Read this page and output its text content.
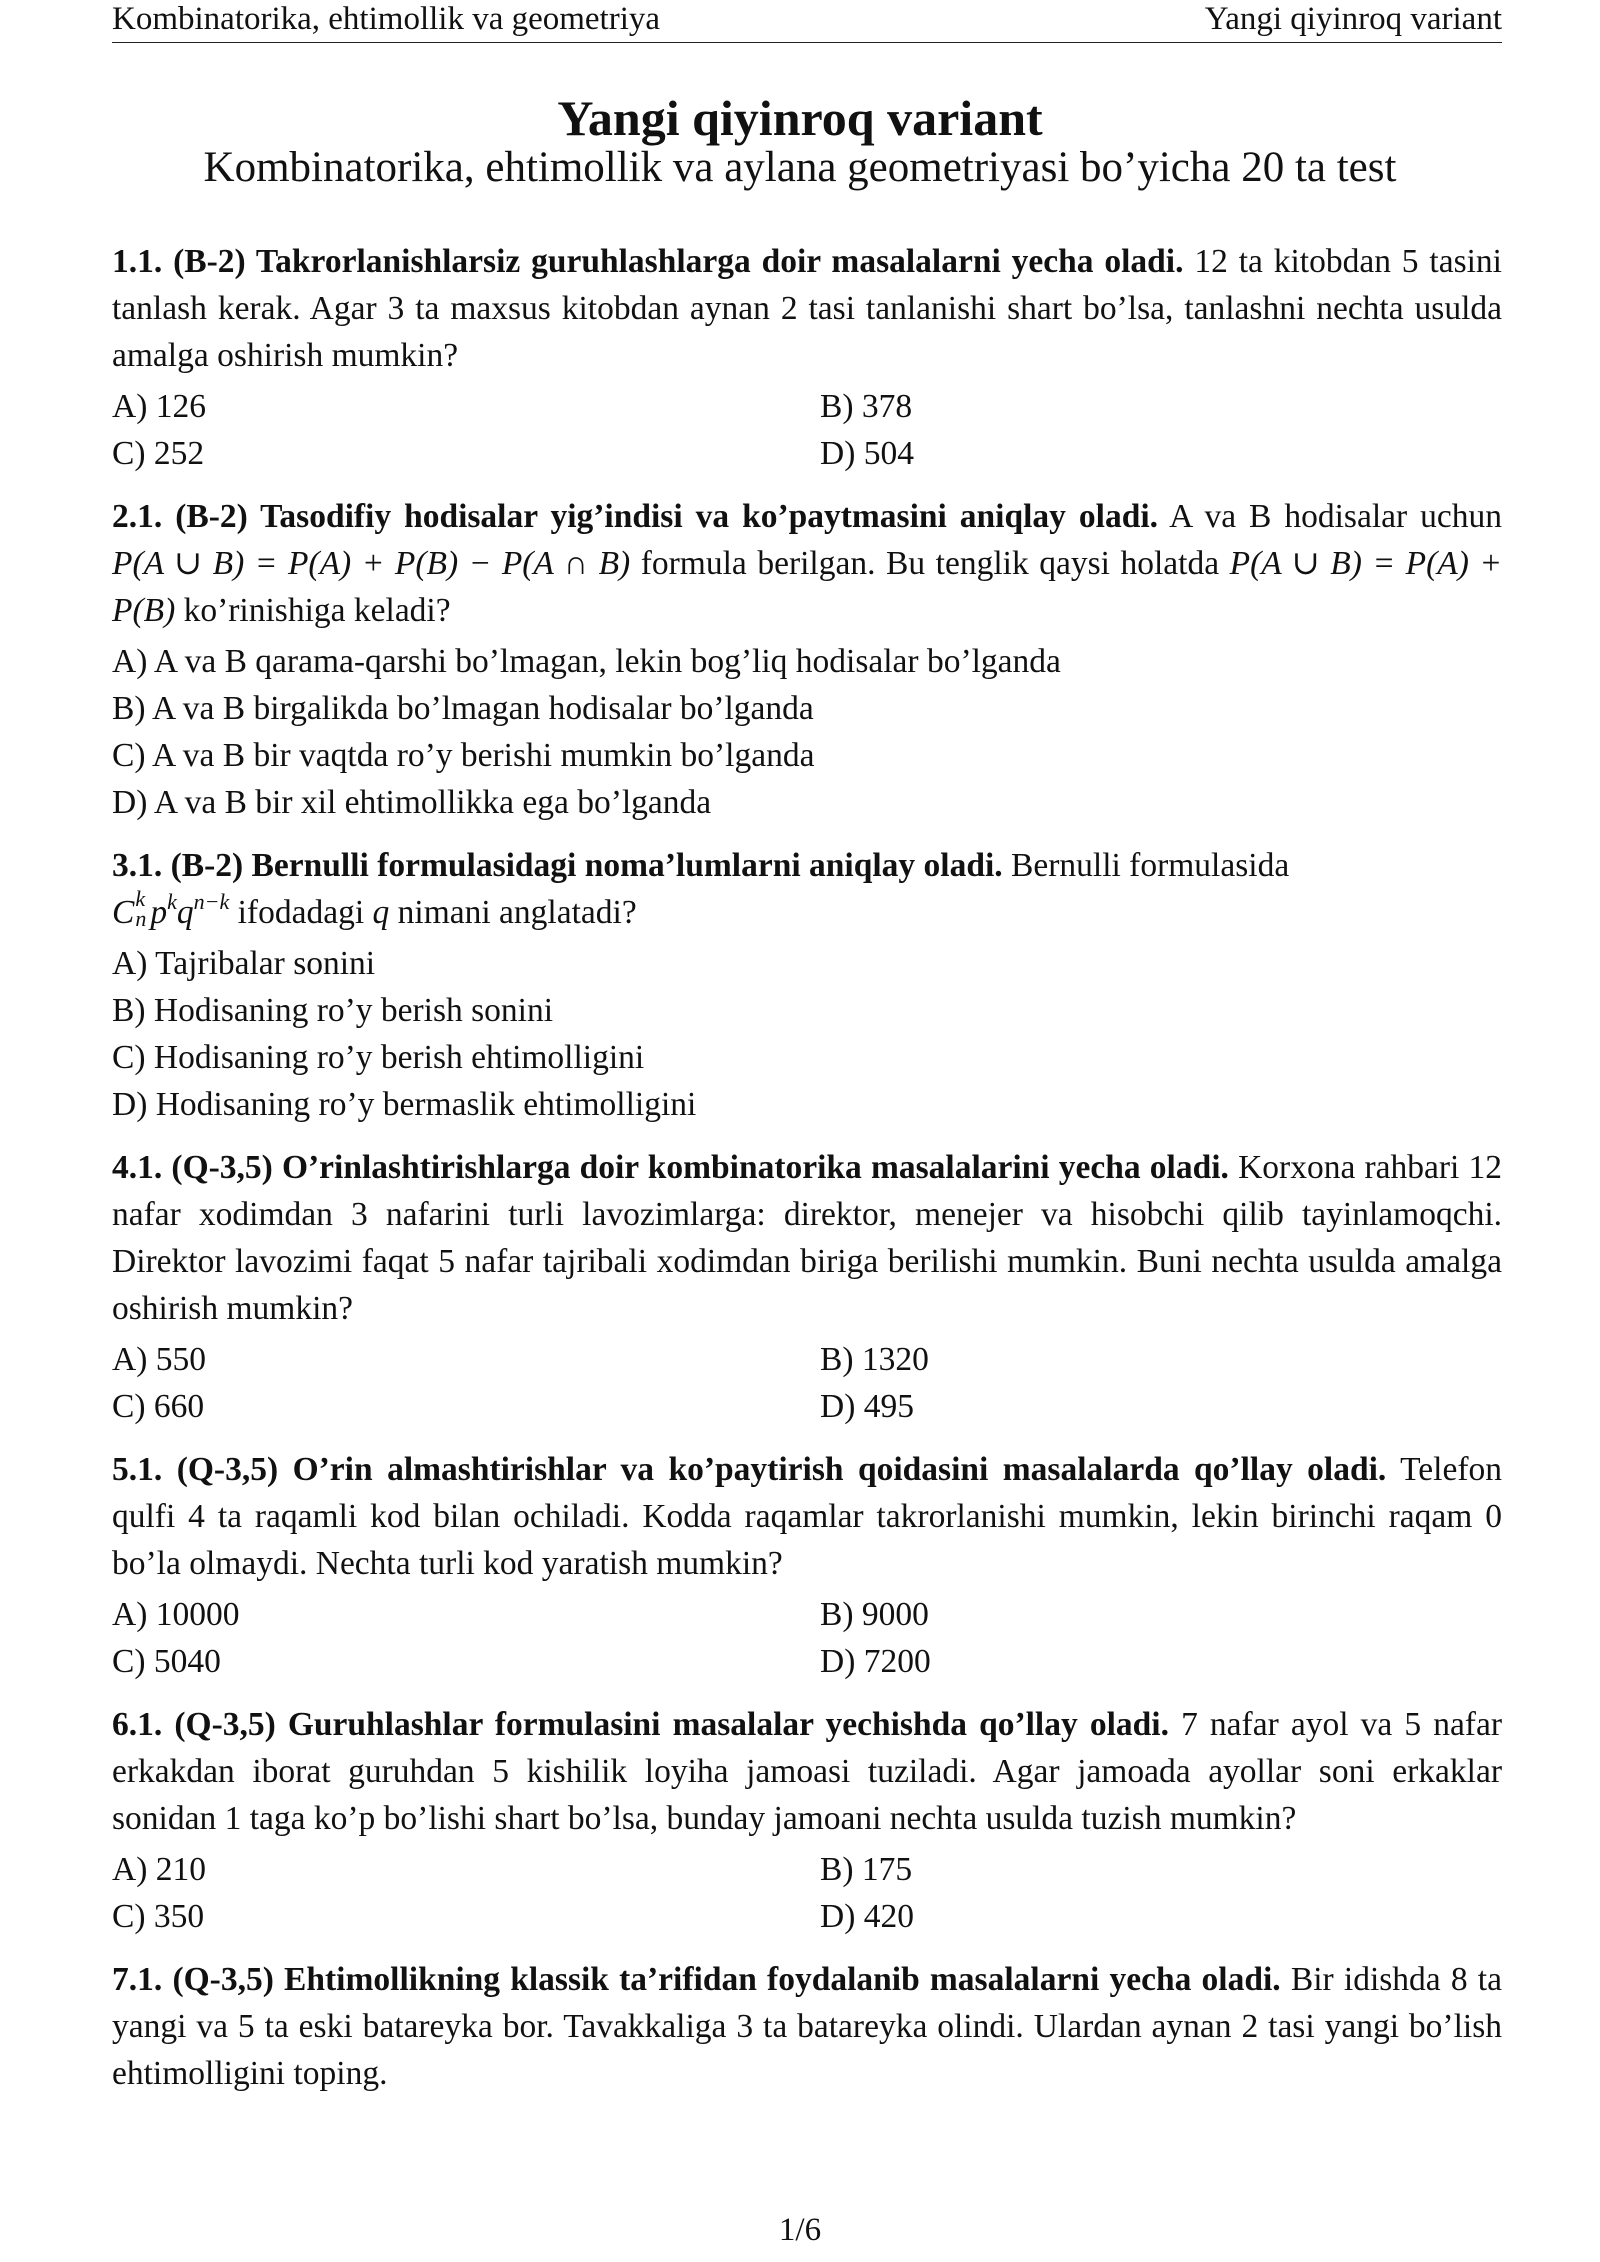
Kombinatorika, ehtimollik va geometriya	Yangi qiyinroq variant
Yangi qiyinroq variant
Kombinatorika, ehtimollik va aylana geometriyasi bo’yicha 20 ta test

1.1. (B-2) Takrorlanishlarsiz guruhlashlarga doir masalalarni yecha oladi. 12 ta kitobdan 5 tasini tanlash kerak. Agar 3 ta maxsus kitobdan aynan 2 tasi tanlanishi shart bo’lsa, tanlashni nechta usulda amalga oshirish mumkin?

A) 126	B) 378
C) 252	D) 504

2.1. (B-2) Tasodifiy hodisalar yig’indisi va ko’paytmasini aniqlay oladi. A va B hodisalar uchun P(A ∪ B) = P(A) + P(B) − P(A ∩ B) formula berilgan. Bu tenglik qaysi holatda P(A ∪ B) = P(A) + P(B) ko’rinishiga keladi?

A) A va B qarama-qarshi bo’lmagan, lekin bog’liq hodisalar bo’lganda
B) A va B birgalikda bo’lmagan hodisalar bo’lganda
C) A va B bir vaqtda ro’y berishi mumkin bo’lganda
D) A va B bir xil ehtimollikka ega bo’lganda

3.1. (B-2) Bernulli formulasidagi noma’lumlarni aniqlay oladi. Bernulli formulasida
C k
n $p^kq^{n-k}$ ifodadagi q nimani anglatadi?

A) Tajribalar sonini
B) Hodisaning ro’y berish sonini
C) Hodisaning ro’y berish ehtimolligini
D) Hodisaning ro’y bermaslik ehtimolligini

4.1. (Q-3,5) O’rinlashtirishlarga doir kombinatorika masalalarini yecha oladi. Korxona rahbari 12 nafar xodimdan 3 nafarini turli lavozimlarga: direktor, menejer va hisobchi qilib tayinlamoqchi. Direktor lavozimi faqat 5 nafar tajribali xodimdan biriga berilishi mumkin. Buni nechta usulda amalga oshirish mumkin?

A) 550	B) 1320
C) 660	D) 495

5.1. (Q-3,5) O’rin almashtirishlar va ko’paytirish qoidasini masalalarda qo’llay oladi. Telefon qulfi 4 ta raqamli kod bilan ochiladi. Kodda raqamlar takrorlanishi mumkin, lekin birinchi raqam 0 bo’la olmaydi. Nechta turli kod yaratish mumkin?

A) 10000	B) 9000
C) 5040	D) 7200

6.1. (Q-3,5) Guruhlashlar formulasini masalalar yechishda qo’llay oladi. 7 nafar ayol va 5 nafar erkakdan iborat guruhdan 5 kishilik loyiha jamoasi tuziladi. Agar jamoada ayollar soni erkaklar sonidan 1 taga ko’p bo’lishi shart bo’lsa, bunday jamoani nechta usulda tuzish mumkin?

A) 210	B) 175
C) 350	D) 420

7.1. (Q-3,5) Ehtimollikning klassik ta’rifidan foydalanib masalalarni yecha oladi. Bir idishda 8 ta yangi va 5 ta eski batareyka bor. Tavakkaliga 3 ta batareyka olindi. Ulardan aynan 2 tasi yangi bo’lish ehtimolligini toping.

1/6
